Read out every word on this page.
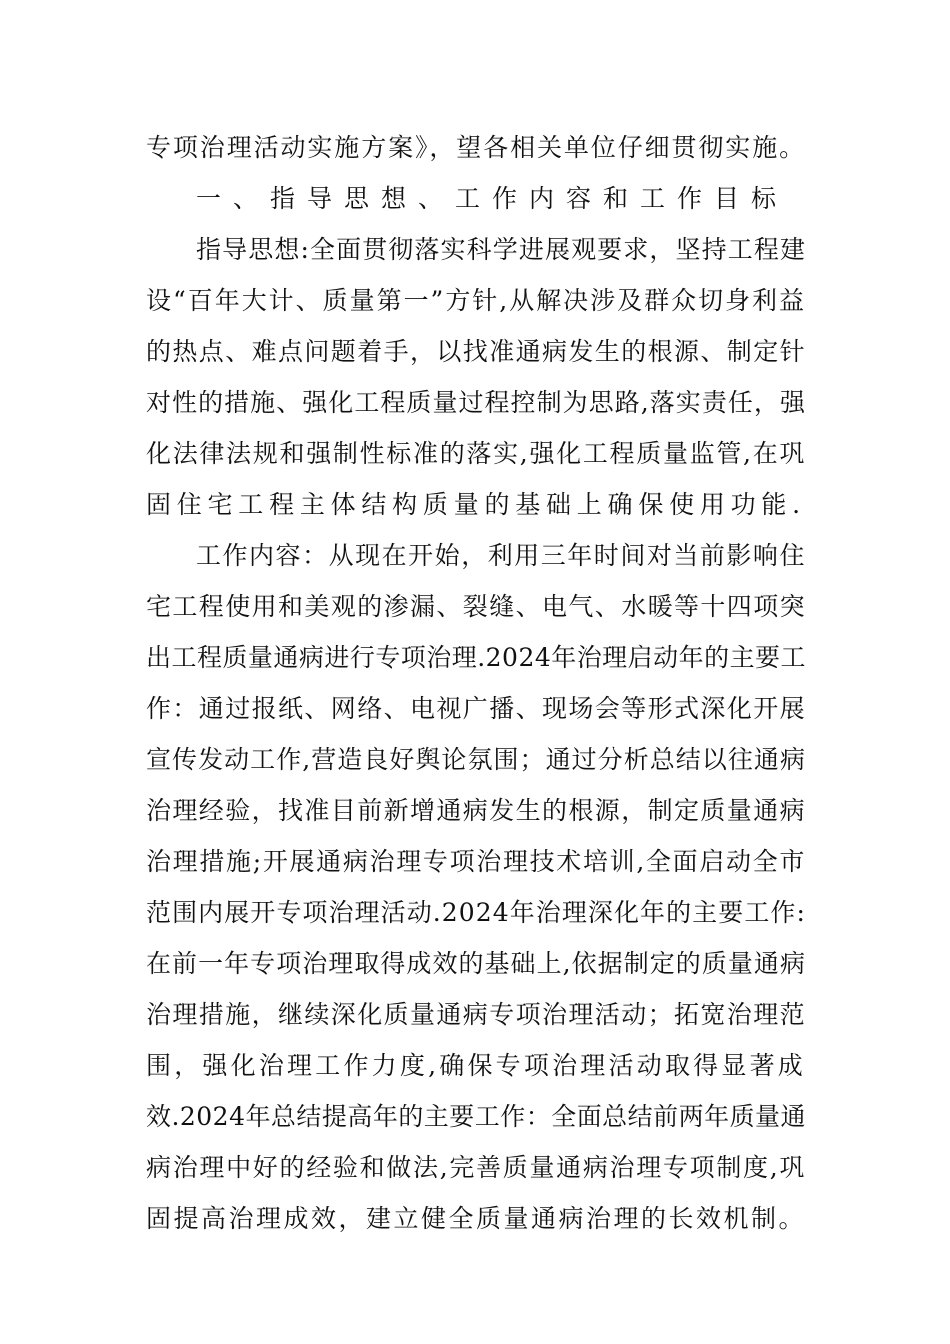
专项治理活动实施方案》，望各相关单位仔细贯彻实施。
一、指导思想、工作内容和工作目标
指导思想:全面贯彻落实科学进展观要求，坚持工程建
设“百年大计、质量第一”方针,从解决涉及群众切身利益
的热点、难点问题着手，以找准通病发生的根源、制定针
对性的措施、强化工程质量过程控制为思路,落实责任，强
化法律法规和强制性标准的落实,强化工程质量监管,在巩
固住宅工程主体结构质量的基础上确保使用功能.
工作内容：从现在开始，利用三年时间对当前影响住
宅工程使用和美观的渗漏、裂缝、电气、水暖等十四项突
出工程质量通病进行专项治理.2024年治理启动年的主要工
作：通过报纸、网络、电视广播、现场会等形式深化开展
宣传发动工作,营造良好舆论氛围；通过分析总结以往通病
治理经验，找准目前新增通病发生的根源，制定质量通病
治理措施;开展通病治理专项治理技术培训,全面启动全市
范围内展开专项治理活动.2024年治理深化年的主要工作:
在前一年专项治理取得成效的基础上,依据制定的质量通病
治理措施，继续深化质量通病专项治理活动；拓宽治理范
围，强化治理工作力度,确保专项治理活动取得显著成
效.2024年总结提高年的主要工作：全面总结前两年质量通
病治理中好的经验和做法,完善质量通病治理专项制度,巩
固提高治理成效，建立健全质量通病治理的长效机制。
